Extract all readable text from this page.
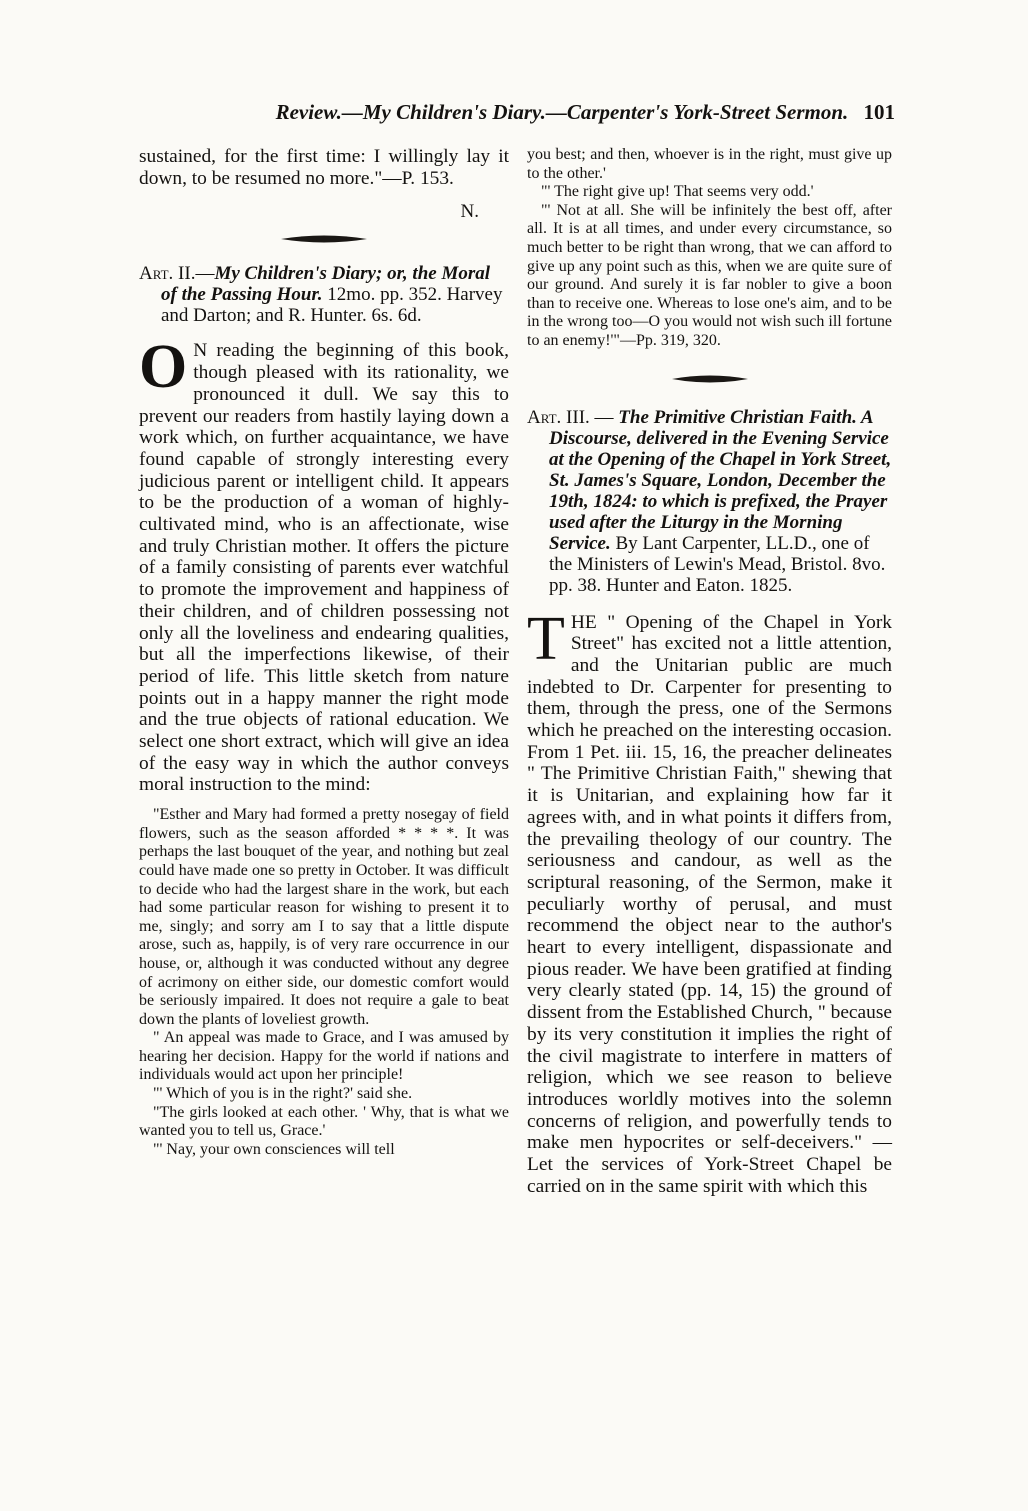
Review.—My Children's Diary.—Carpenter's York-Street Sermon. 101

sustained, for the first time: I willingly lay it down, to be resumed no more."—P. 153.

N.

Art. II.—My Children's Diary; or, the Moral of the Passing Hour. 12mo. pp. 352. Harvey and Darton; and R. Hunter. 6s. 6d.

O N reading the beginning of this book, though pleased with its rationality, we pronounced it dull. We say this to prevent our readers from hastily laying down a work which, on further acquaintance, we have found capable of strongly interesting every judicious parent or intelligent child. It appears to be the production of a woman of highly-cultivated mind, who is an affectionate, wise and truly Christian mother. It offers the picture of a family consisting of parents ever watchful to promote the improvement and happiness of their children, and of children possessing not only all the loveliness and endearing qualities, but all the imperfections likewise, of their period of life. This little sketch from nature points out in a happy manner the right mode and the true objects of rational education. We select one short extract, which will give an idea of the easy way in which the author conveys moral instruction to the mind:

"Esther and Mary had formed a pretty nosegay of field flowers, such as the season afforded * * * *. It was perhaps the last bouquet of the year, and nothing but zeal could have made one so pretty in October. It was difficult to decide who had the largest share in the work, but each had some particular reason for wishing to present it to me, singly; and sorry am I to say that a little dispute arose, such as, happily, is of very rare occurrence in our house, or, although it was conducted without any degree of acrimony on either side, our domestic comfort would be seriously impaired. It does not require a gale to beat down the plants of loveliest growth.

" An appeal was made to Grace, and I was amused by hearing her decision. Happy for the world if nations and individuals would act upon her principle!

"' Which of you is in the right?' said she.

"The girls looked at each other. ' Why, that is what we wanted you to tell us, Grace.'

"' Nay, your own consciences will tell

you best; and then, whoever is in the right, must give up to the other.'

"' The right give up! That seems very odd.'

"' Not at all. She will be infinitely the best off, after all. It is at all times, and under every circumstance, so much better to be right than wrong, that we can afford to give up any point such as this, when we are quite sure of our ground. And surely it is far nobler to give a boon than to receive one. Whereas to lose one's aim, and to be in the wrong too—O you would not wish such ill fortune to an enemy!'"—Pp. 319, 320.

Art. III. — The Primitive Christian Faith. A Discourse, delivered in the Evening Service at the Opening of the Chapel in York Street, St. James's Square, London, December the 19th, 1824: to which is prefixed, the Prayer used after the Liturgy in the Morning Service. By Lant Carpenter, LL.D., one of the Ministers of Lewin's Mead, Bristol. 8vo. pp. 38. Hunter and Eaton. 1825.

THE " Opening of the Chapel in York Street" has excited not a little attention, and the Unitarian public are much indebted to Dr. Carpenter for presenting to them, through the press, one of the Sermons which he preached on the interesting occasion. From 1 Pet. iii. 15, 16, the preacher delineates " The Primitive Christian Faith," shewing that it is Unitarian, and explaining how far it agrees with, and in what points it differs from, the prevailing theology of our country. The seriousness and candour, as well as the scriptural reasoning, of the Sermon, make it peculiarly worthy of perusal, and must recommend the object near to the author's heart to every intelligent, dispassionate and pious reader. We have been gratified at finding very clearly stated (pp. 14, 15) the ground of dissent from the Established Church, " because by its very constitution it implies the right of the civil magistrate to interfere in matters of religion, which we see reason to believe introduces worldly motives into the solemn concerns of religion, and powerfully tends to make men hypocrites or self-deceivers." — Let the services of York-Street Chapel be carried on in the same spirit with which this
